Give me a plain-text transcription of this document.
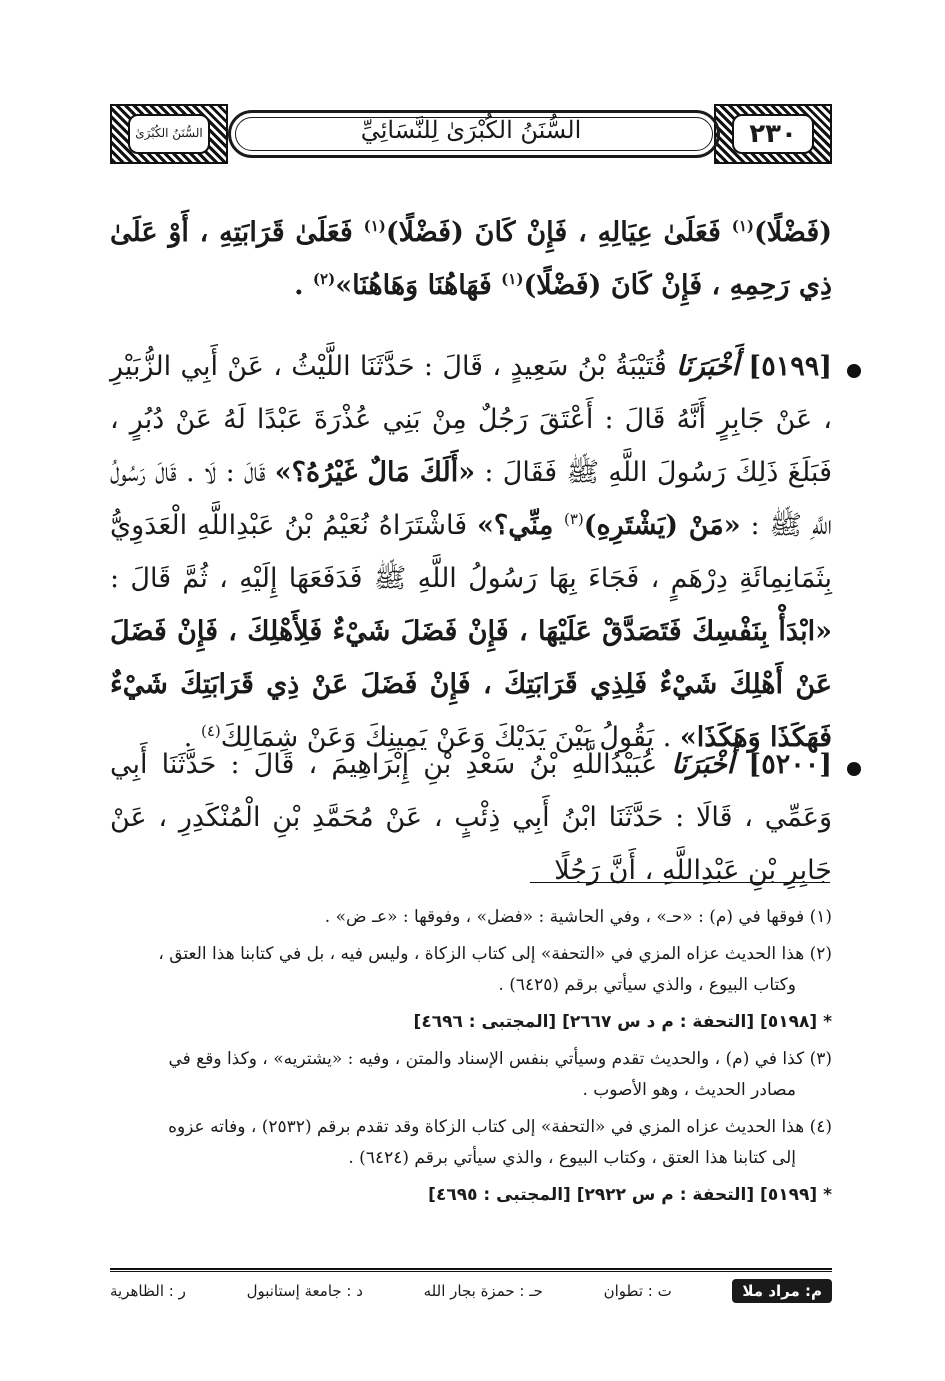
٢٣٠
السُّنَنُ الكُبْرَىٰ لِلنَّسَائِيِّ
السُّنَنُ الكُبْرَىٰ
(فَضْلًا)$^{(١)}$ فَعَلَىٰ عِيَالِهِ ، فَإِنْ كَانَ (فَضْلًا)$^{(١)}$ فَعَلَىٰ قَرَابَتِهِ ، أَوْ عَلَىٰ ذِي رَحِمِهِ ، فَإِنْ كَانَ (فَضْلًا)$^{(١)}$ فَهَاهُنَا وَهَاهُنَا»$^{(٢)}$ .
[٥١٩٩] أَخْبَرَنَا قُتَيْبَةُ بْنُ سَعِيدٍ ، قَالَ : حَدَّثَنَا اللَّيْثُ ، عَنْ أَبِي الزُّبَيْرِ ، عَنْ جَابِرٍ أَنَّهُ قَالَ : أَعْتَقَ رَجُلٌ مِنْ بَنِي عُذْرَةَ عَبْدًا لَهُ عَنْ دُبُرٍ ، فَبَلَغَ ذَلِكَ رَسُولَ اللَّهِ ﷺ فَقَالَ : «أَلَكَ مَالٌ غَيْرُهُ؟» قَالَ : لَا . قَالَ رَسُولُ اللَّهِ ﷺ : «مَنْ (يَشْتَرِهِ)$^{(٣)}$ مِنِّي؟» فَاشْتَرَاهُ نُعَيْمُ بْنُ عَبْدِاللَّهِ الْعَدَوِيُّ بِثَمَانِمِائَةِ دِرْهَمٍ ، فَجَاءَ بِهَا رَسُولُ اللَّهِ ﷺ فَدَفَعَهَا إِلَيْهِ ، ثُمَّ قَالَ : «ابْدَأْ بِنَفْسِكَ فَتَصَدَّقْ عَلَيْهَا ، فَإِنْ فَضَلَ شَيْءٌ فَلِأَهْلِكَ ، فَإِنْ فَضَلَ عَنْ أَهْلِكَ شَيْءٌ فَلِذِي قَرَابَتِكَ ، فَإِنْ فَضَلَ عَنْ ذِي قَرَابَتِكَ شَيْءٌ فَهَكَذَا وَهَكَذَا» . يَقُولُ بَيْنَ يَدَيْكَ وَعَنْ يَمِينِكَ وَعَنْ شِمَالِكَ$^{(٤)}$ .
[٥٢٠٠] أَخْبَرَنَا عُبَيْدُاللَّهِ بْنُ سَعْدِ بْنِ إِبْرَاهِيمَ ، قَالَ : حَدَّثَنَا أَبِي وَعَمِّي ، قَالَا : حَدَّثَنَا ابْنُ أَبِي ذِئْبٍ ، عَنْ مُحَمَّدِ بْنِ الْمُنْكَدِرِ ، عَنْ جَابِرِ بْنِ عَبْدِاللَّهِ ، أَنَّ رَجُلًا
(١) فوقها في (م) : «حـ» ، وفي الحاشية : «فضل» ، وفوقها : «عـ ض» .
(٢) هذا الحديث عزاه المزي في «التحفة» إلى كتاب الزكاة ، وليس فيه ، بل في كتابنا هذا العتق ،
وكتاب البيوع ، والذي سيأتي برقم (٦٤٢٥) .
*[٥١٩٨] [التحفة : م د س ٢٦٦٧] [المجتبى : ٤٦٩٦]
(٣) كذا في (م) ، والحديث تقدم وسيأتي بنفس الإسناد والمتن ، وفيه : «يشتريه» ، وكذا وقع في
مصادر الحديث ، وهو الأصوب .
(٤) هذا الحديث عزاه المزي في «التحفة» إلى كتاب الزكاة وقد تقدم برقم (٢٥٣٢) ، وفاته عزوه
إلى كتابنا هذا العتق ، وكتاب البيوع ، والذي سيأتي برقم (٦٤٢٤) .
*[٥١٩٩] [التحفة : م س ٢٩٢٢] [المجتبى : ٤٦٩٥]
م: مراد ملا
ت : تطوان
حـ : حمزة بجار الله
د : جامعة إستانبول
ر : الظاهرية
